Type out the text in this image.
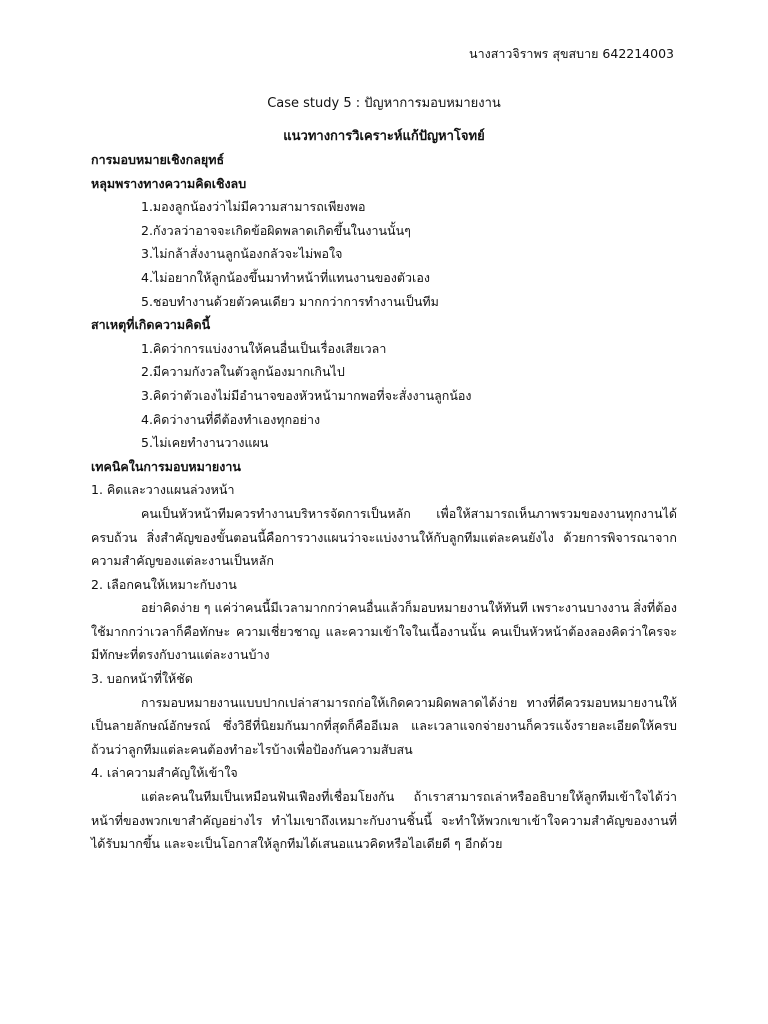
นางสาวจิราพร สุขสบาย 642214003
Case study 5 : ปัญหาการมอบหมายงาน
แนวทางการวิเคราะห์แก้ปัญหาโจทย์
การมอบหมายเชิงกลยุทธ์
หลุมพรางทางความคิดเชิงลบ
1.มองลูกน้องว่าไม่มีความสามารถเพียงพอ
2.กังวลว่าอาจจะเกิดข้อผิดพลาดเกิดขึ้นในงานนั้นๆ
3.ไม่กล้าสั่งงานลูกน้องกลัวจะไม่พอใจ
4.ไม่อยากให้ลูกน้องขึ้นมาทำหน้าที่แทนงานของตัวเอง
5.ชอบทำงานด้วยตัวคนเดียว มากกว่าการทำงานเป็นทีม
สาเหตุที่เกิดความคิดนี้
1.คิดว่าการแบ่งงานให้คนอื่นเป็นเรื่องเสียเวลา
2.มีความกังวลในตัวลูกน้องมากเกินไป
3.คิดว่าตัวเองไม่มีอำนาจของหัวหน้ามากพอที่จะสั่งงานลูกน้อง
4.คิดว่างานที่ดีต้องทำเองทุกอย่าง
5.ไม่เคยทำงานวางแผน
เทคนิคในการมอบหมายงาน
1. คิดและวางแผนล่วงหน้า
คนเป็นหัวหน้าทีมควรทำงานบริหารจัดการเป็นหลัก เพื่อให้สามารถเห็นภาพรวมของงานทุกงานได้ครบถ้วน สิ่งสำคัญของขั้นตอนนี้คือการวางแผนว่าจะแบ่งงานให้กับลูกทีมแต่ละคนยังไง ด้วยการพิจารณาจากความสำคัญของแต่ละงานเป็นหลัก
2. เลือกคนให้เหมาะกับงาน
อย่าคิดง่าย ๆ แค่ว่าคนนี้มีเวลามากกว่าคนอื่นแล้วก็มอบหมายงานให้ทันที เพราะงานบางงาน สิ่งที่ต้องใช้มากกว่าเวลาก็คือทักษะ ความเชี่ยวชาญ และความเข้าใจในเนื้องานนั้น คนเป็นหัวหน้าต้องลองคิดว่าใครจะมีทักษะที่ตรงกับงานแต่ละงานบ้าง
3. บอกหน้าที่ให้ชัด
การมอบหมายงานแบบปากเปล่าสามารถก่อให้เกิดความผิดพลาดได้ง่าย ทางที่ดีควรมอบหมายงานให้เป็นลายลักษณ์อักษรณ์ ซึ่งวิธีที่นิยมกันมากที่สุดก็คืออีเมล และเวลาแจกจ่ายงานก็ควรแจ้งรายละเอียดให้ครบถ้วนว่าลูกทีมแต่ละคนต้องทำอะไรบ้างเพื่อป้องกันความสับสน
4. เล่าความสำคัญให้เข้าใจ
แต่ละคนในทีมเป็นเหมือนฟันเฟืองที่เชื่อมโยงกัน ถ้าเราสามารถเล่าหรืออธิบายให้ลูกทีมเข้าใจได้ว่าหน้าที่ของพวกเขาสำคัญอย่างไร ทำไมเขาถึงเหมาะกับงานชิ้นนี้ จะทำให้พวกเขาเข้าใจความสำคัญของงานที่ได้รับมากขึ้น และจะเป็นโอกาสให้ลูกทีมได้เสนอแนวคิดหรือไอเดียดี ๆ อีกด้วย
